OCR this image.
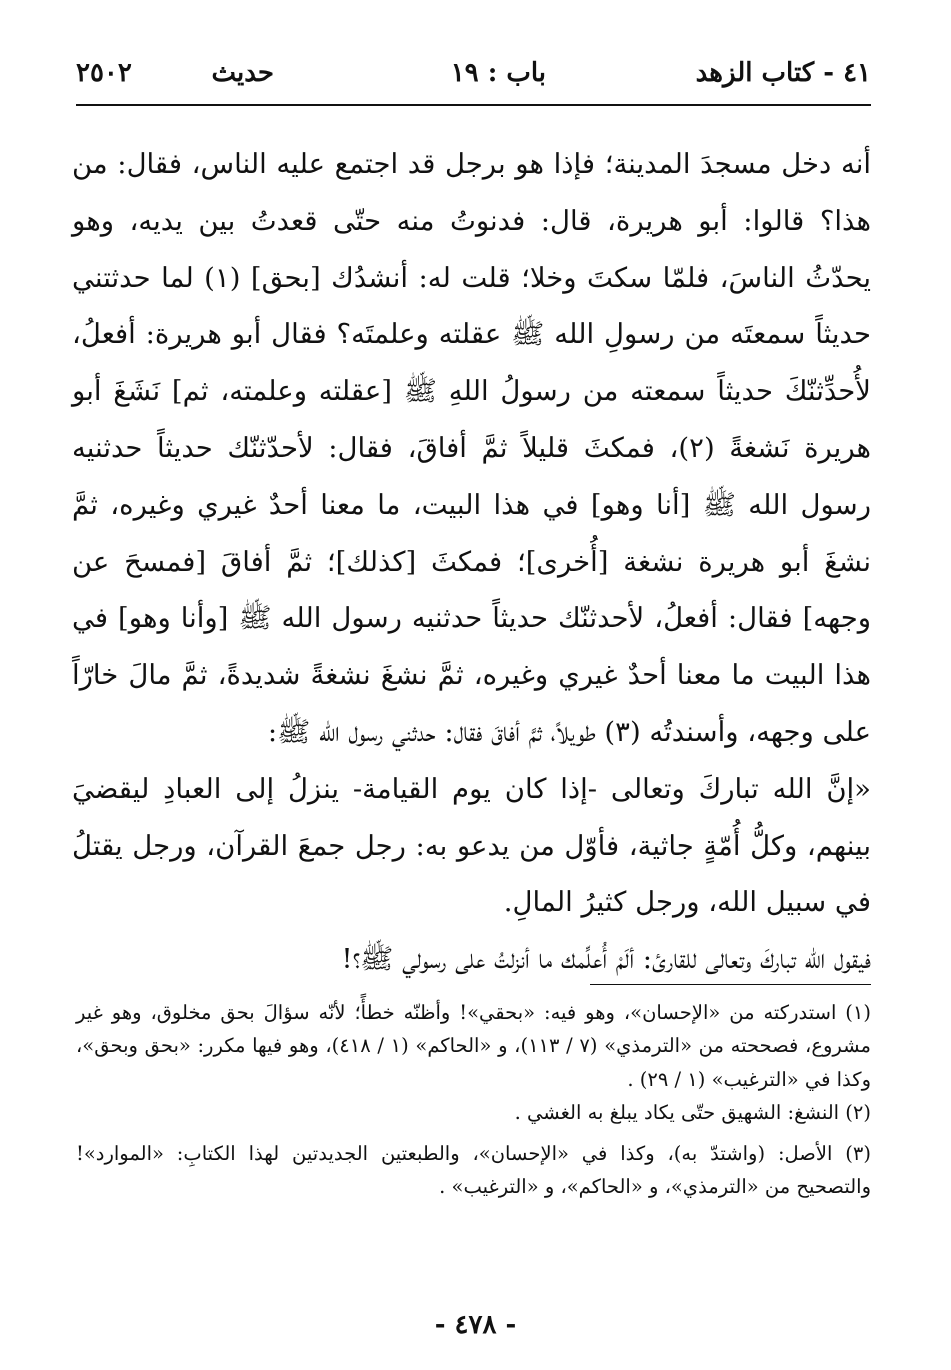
٤١ - كتاب الزهد
باب : ١٩
حديث
٢٥٠٢

أنه دخل مسجدَ المدينة؛ فإذا هو برجل قد اجتمع عليه الناس، فقال: من هذا؟ قالوا: أبو هريرة، قال: فدنوتُ منه حتّى قعدتُ بين يديه، وهو يحدّثُ الناسَ، فلمّا سكتَ وخلا؛ قلت له: أنشدُك [بحق] (١) لما حدثتني حديثاً سمعتَه من رسولِ الله ﷺ عقلته وعلمتَه؟ فقال أبو هريرة: أفعلُ، لأُحدِّثنّكَ حديثاً سمعته من رسولُ اللهِ ﷺ [عقلته وعلمته، ثم] نَشَغَ أبو هريرة نَشغةً (٢)، فمكثَ قليلاً ثمَّ أفاقَ، فقال: لأحدّثنّك حديثاً حدثنيه رسول الله ﷺ [أنا وهو] في هذا البيت، ما معنا أحدٌ غيري وغيره، ثمَّ نشغَ أبو هريرة نشغة [أُخرى]؛ فمكثَ [كذلك]؛ ثمَّ أفاقَ [فمسحَ عن وجهه] فقال: أفعلُ، لأحدثنّك حديثاً حدثنيه رسول الله ﷺ [وأنا وهو] في هذا البيت ما معنا أحدٌ غيري وغيره، ثمَّ نشغَ نشغةً شديدةً، ثمَّ مالَ خارّاً على وجهه، وأسندتُه (٣) طويلاً، ثمَّ أفاقَ فقال: حدثني رسول الله ﷺ:

«إنَّ الله تباركَ وتعالى -إذا كان يوم القيامة- ينزلُ إلى العبادِ ليقضيَ بينهم، وكلُّ أُمّةٍ جاثية، فأوّل من يدعو به: رجل جمعَ القرآن، ورجل يقتلُ في سبيل الله، ورجل كثيرُ المالِ.

فيقول الله تباركَ وتعالى للقارئ: ألَمْ أُعلِّمك ما أنزلتُ على رسولي ﷺ؟!

(١) استدركته من «الإحسان»، وهو فيه: «بحقي»! وأظنّه خطأً؛ لأنّه سؤالَ بحق مخلوق، وهو غير مشروع، فصححته من «الترمذي» (٧ / ١١٣)، و «الحاكم» (١ / ٤١٨)، وهو فيها مكرر: «بحق وبحق»، وكذا في «الترغيب» (١ / ٢٩) .

(٢) النشغ: الشهيق حتّى يكاد يبلغ به الغشي .

(٣) الأصل: (واشتدّ به)، وكذا في «الإحسان»، والطبعتين الجديدتين لهذا الكتابِ: «الموارد»! والتصحيح من «الترمذي»، و «الحاكم»، و «الترغيب» .

- ٤٧٨ -
